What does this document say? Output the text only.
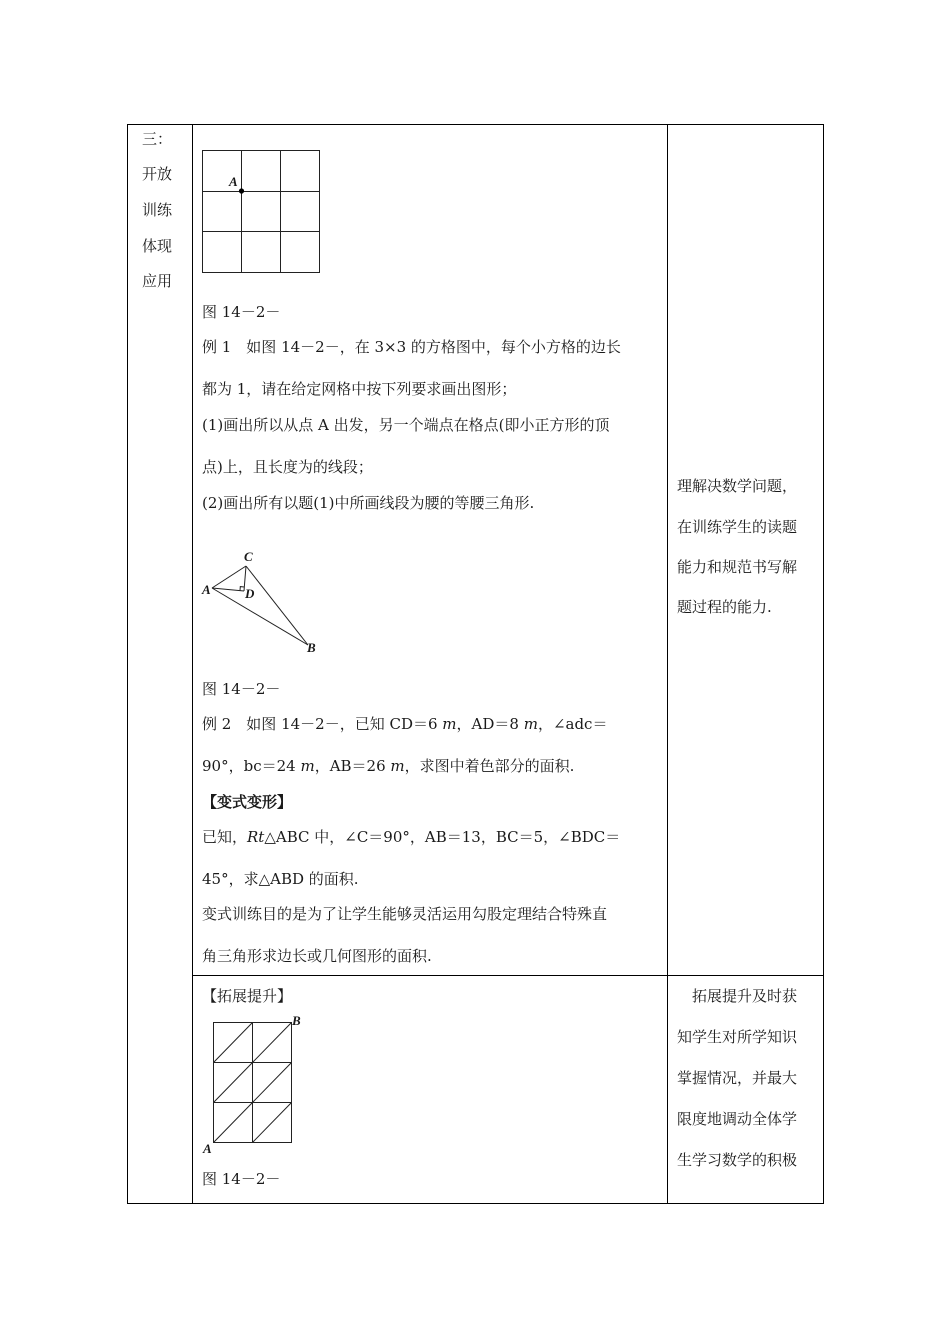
三：
开放
训练
体现
应用
A
图 14－2－
例 1　如图 14－2－，在 3×3 的方格图中，每个小方格的边长
都为 1，请在给定网格中按下列要求画出图形；
(1)画出所以从点 A 出发，另一个端点在格点(即小正方形的顶
点)上，且长度为的线段；
(2)画出所有以题(1)中所画线段为腰的等腰三角形.
C
A	D
B
图 14－2－
例 2　如图 14－2－，已知 CD＝6 m，AD＝8 m，∠adc＝
90°，bc＝24 m，AB＝26 m，求图中着色部分的面积.
【变式变形】
已知，Rt△ABC 中，∠C＝90°，AB＝13，BC＝5，∠BDC＝
45°，求△ABD 的面积.
变式训练目的是为了让学生能够灵活运用勾股定理结合特殊直
角三角形求边长或几何图形的面积.
理解决数学问题，
在训练学生的读题
能力和规范书写解
题过程的能力.
【拓展提升】
B
A
图 14－2－
　拓展提升及时获
知学生对所学知识
掌握情况，并最大
限度地调动全体学
生学习数学的积极
